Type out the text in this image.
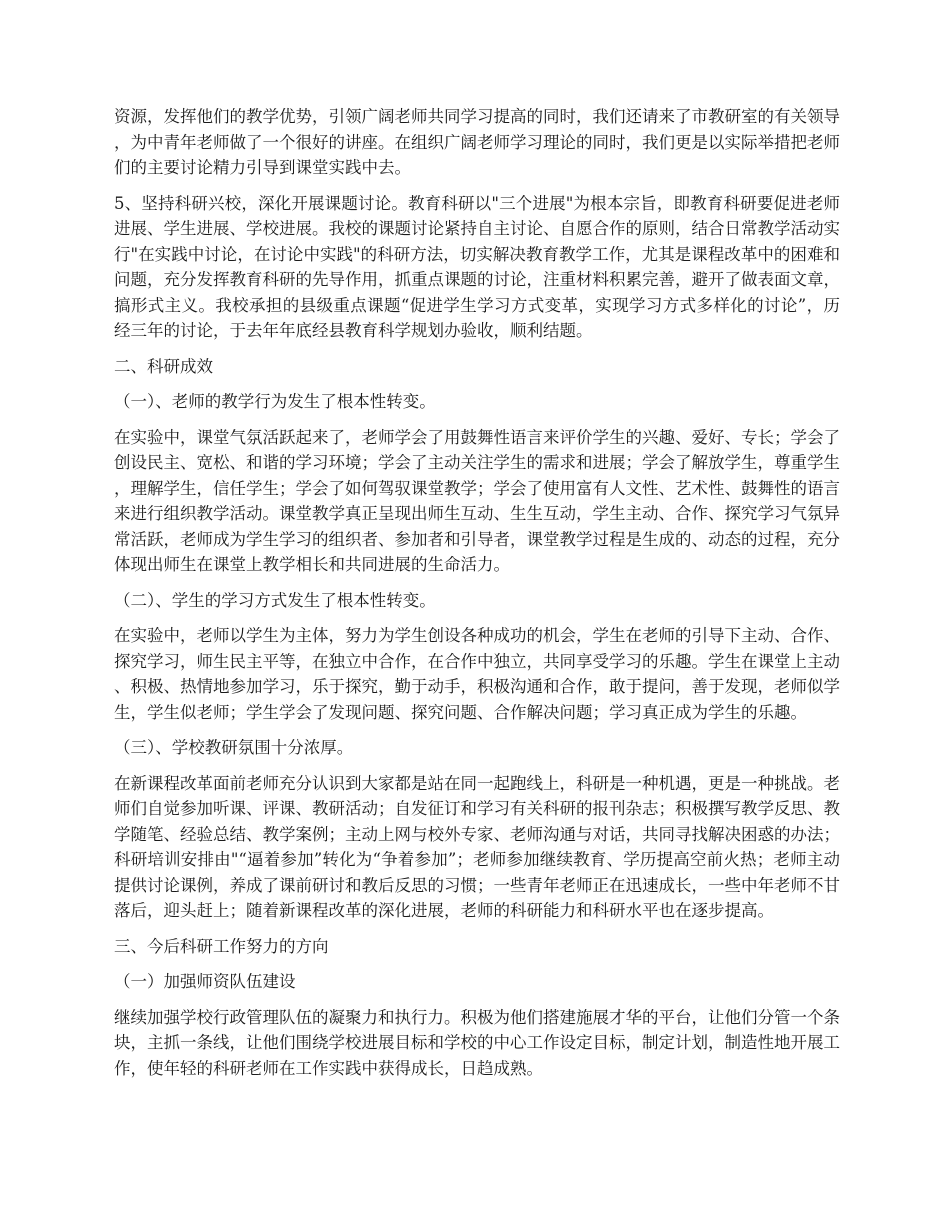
资源，发挥他们的教学优势，引领广阔老师共同学习提高的同时，我们还请来了市教研室的有关领导，为中青年老师做了一个很好的讲座。在组织广阔老师学习理论的同时，我们更是以实际举措把老师们的主要讨论精力引导到课堂实践中去。

5、坚持科研兴校，深化开展课题讨论。教育科研以"三个进展"为根本宗旨，即教育科研要促进老师进展、学生进展、学校进展。我校的课题讨论紧持自主讨论、自愿合作的原则，结合日常教学活动实行"在实践中讨论，在讨论中实践"的科研方法，切实解决教育教学工作，尤其是课程改革中的困难和问题，充分发挥教育科研的先导作用，抓重点课题的讨论，注重材料积累完善，避开了做表面文章，搞形式主义。我校承担的县级重点课题“促进学生学习方式变革，实现学习方式多样化的讨论”，历经三年的讨论，于去年年底经县教育科学规划办验收，顺利结题。

二、科研成效

（一）、老师的教学行为发生了根本性转变。

在实验中，课堂气氛活跃起来了，老师学会了用鼓舞性语言来评价学生的兴趣、爱好、专长；学会了创设民主、宽松、和谐的学习环境；学会了主动关注学生的需求和进展；学会了解放学生，尊重学生，理解学生，信任学生；学会了如何驾驭课堂教学；学会了使用富有人文性、艺术性、鼓舞性的语言来进行组织教学活动。课堂教学真正呈现出师生互动、生生互动，学生主动、合作、探究学习气氛异常活跃，老师成为学生学习的组织者、参加者和引导者，课堂教学过程是生成的、动态的过程，充分体现出师生在课堂上教学相长和共同进展的生命活力。

（二）、学生的学习方式发生了根本性转变。

在实验中，老师以学生为主体，努力为学生创设各种成功的机会，学生在老师的引导下主动、合作、探究学习，师生民主平等，在独立中合作，在合作中独立，共同享受学习的乐趣。学生在课堂上主动、积极、热情地参加学习，乐于探究，勤于动手，积极沟通和合作，敢于提问，善于发现，老师似学生，学生似老师；学生学会了发现问题、探究问题、合作解决问题；学习真正成为学生的乐趣。

（三）、学校教研氛围十分浓厚。

在新课程改革面前老师充分认识到大家都是站在同一起跑线上，科研是一种机遇，更是一种挑战。老师们自觉参加听课、评课、教研活动；自发征订和学习有关科研的报刊杂志；积极撰写教学反思、教学随笔、经验总结、教学案例；主动上网与校外专家、老师沟通与对话，共同寻找解决困惑的办法；科研培训安排由"“逼着参加”转化为“争着参加”；老师参加继续教育、学历提高空前火热；老师主动提供讨论课例，养成了课前研讨和教后反思的习惯；一些青年老师正在迅速成长，一些中年老师不甘落后，迎头赶上；随着新课程改革的深化进展，老师的科研能力和科研水平也在逐步提高。

三、今后科研工作努力的方向

（一）加强师资队伍建设

继续加强学校行政管理队伍的凝聚力和执行力。积极为他们搭建施展才华的平台，让他们分管一个条块，主抓一条线，让他们围绕学校进展目标和学校的中心工作设定目标，制定计划，制造性地开展工作，使年轻的科研老师在工作实践中获得成长，日趋成熟。
